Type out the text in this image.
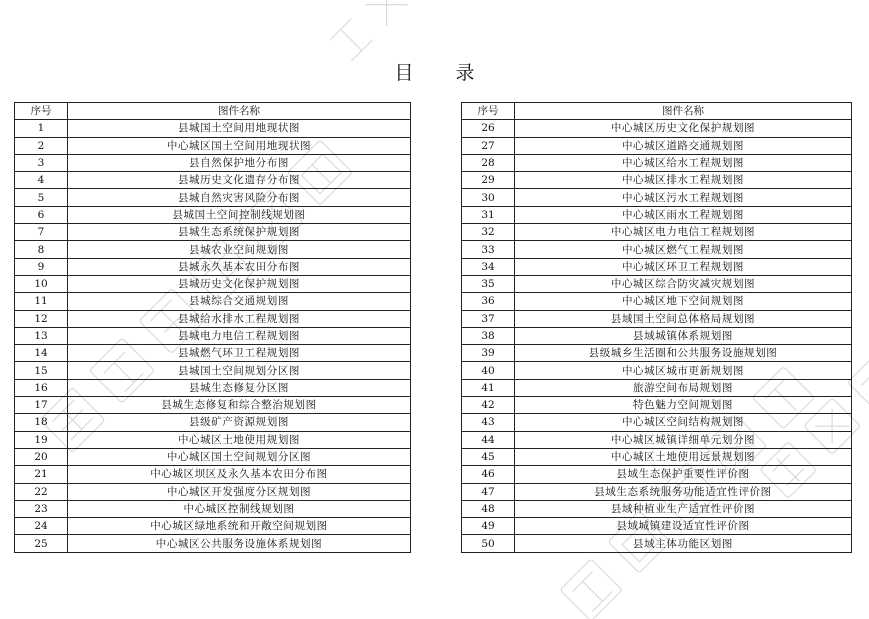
目 录
序号	图件名称
1	县城国土空间用地现状图
2	中心城区国土空间用地现状图
3	县自然保护地分布图
4	县城历史文化遗存分布图
5	县城自然灾害风险分布图
6	县城国土空间控制线规划图
7	县城生态系统保护规划图
8	县城农业空间规划图
9	县城永久基本农田分布图
10	县城历史文化保护规划图
11	县城综合交通规划图
12	县城给水排水工程规划图
13	县城电力电信工程规划图
14	县城燃气环卫工程规划图
15	县城国土空间规划分区图
16	县城生态修复分区图
17	县城生态修复和综合整治规划图
18	县级矿产资源规划图
19	中心城区土地使用规划图
20	中心城区国土空间规划分区图
21	中心城区坝区及永久基本农田分布图
22	中心城区开发强度分区规划图
23	中心城区控制线规划图
24	中心城区绿地系统和开敞空间规划图
25	中心城区公共服务设施体系规划图
序号	图件名称
26	中心城区历史文化保护规划图
27	中心城区道路交通规划图
28	中心城区给水工程规划图
29	中心城区排水工程规划图
30	中心城区污水工程规划图
31	中心城区雨水工程规划图
32	中心城区电力电信工程规划图
33	中心城区燃气工程规划图
34	中心城区环卫工程规划图
35	中心城区综合防灾减灾规划图
36	中心城区地下空间规划图
37	县域国土空间总体格局规划图
38	县域城镇体系规划图
39	县级城乡生活圈和公共服务设施规划图
40	中心城区城市更新规划图
41	旅游空间布局规划图
42	特色魅力空间规划图
43	中心城区空间结构规划图
44	中心城区城镇详细单元划分图
45	中心城区土地使用远景规划图
46	县域生态保护重要性评价图
47	县域生态系统服务功能适宜性评价图
48	县域种植业生产适宜性评价图
49	县域城镇建设适宜性评价图
50	县域主体功能区划图
